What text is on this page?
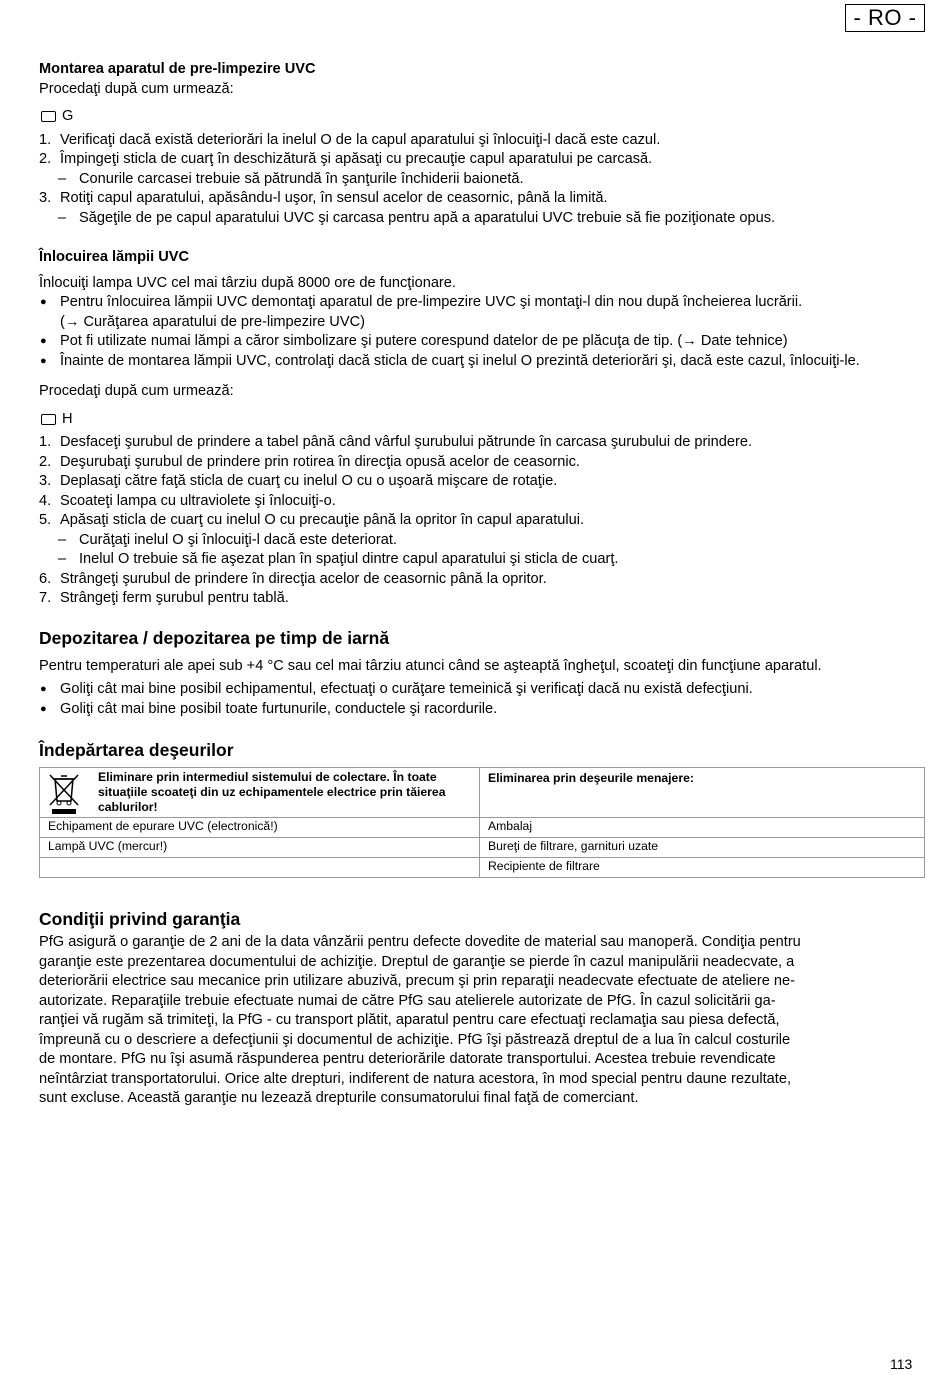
- RO -

Montarea aparatul de pre-limpezire UVC

Procedaţi după cum urmează:

G

1. Verificaţi dacă există deteriorări la inelul O de la capul aparatului şi înlocuiţi-l dacă este cazul.
2. Împingeţi sticla de cuarţ în deschizătură şi apăsaţi cu precauţie capul aparatului pe carcasă.
– Conurile carcasei trebuie să pătrundă în şanţurile închiderii baionetă.
3. Rotiţi capul aparatului, apăsându-l uşor, în sensul acelor de ceasornic, până la limită.
– Săgeţile de pe capul aparatului UVC şi carcasa pentru apă a aparatului UVC trebuie să fie poziţionate opus.

Înlocuirea lămpii UVC

Înlocuiţi lampa UVC cel mai târziu după 8000 ore de funcţionare.

● Pentru înlocuirea lămpii UVC demontaţi aparatul de pre-limpezire UVC şi montaţi-l din nou după încheierea lucrării.
(→ Curăţarea aparatului de pre-limpezire UVC)
● Pot fi utilizate numai lămpi a căror simbolizare şi putere corespund datelor de pe plăcuţa de tip. (→ Date tehnice)
● Înainte de montarea lămpii UVC, controlaţi dacă sticla de cuarţ şi inelul O prezintă deteriorări şi, dacă este cazul, înlocuiţi-le.

Procedaţi după cum urmează:

H

1. Desfaceţi şurubul de prindere a tabel până când vârful şurubului pătrunde în carcasa şurubului de prindere.
2. Deşurubaţi şurubul de prindere prin rotirea în direcţia opusă acelor de ceasornic.
3. Deplasaţi către faţă sticla de cuarţ cu inelul O cu o uşoară mişcare de rotaţie.
4. Scoateţi lampa cu ultraviolete şi înlocuiţi-o.
5. Apăsaţi sticla de cuarţ cu inelul O cu precauţie până la opritor în capul aparatului.
– Curăţaţi inelul O şi înlocuiţi-l dacă este deteriorat.
– Inelul O trebuie să fie aşezat plan în spaţiul dintre capul aparatului şi sticla de cuarţ.
6. Strângeţi şurubul de prindere în direcţia acelor de ceasornic până la opritor.
7. Strângeţi ferm şurubul pentru tablă.

Depozitarea / depozitarea pe timp de iarnă

Pentru temperaturi ale apei sub +4 °C sau cel mai târziu atunci când se aşteaptă îngheţul, scoateţi din funcţiune aparatul.

● Goliţi cât mai bine posibil echipamentul, efectuaţi o curăţare temeinică şi verificaţi dacă nu există defecţiuni.
● Goliţi cât mai bine posibil toate furtunurile, conductele şi racordurile.

Îndepărtarea deşeurilor

Eliminare prin intermediul sistemului de colectare. În toate situaţiile scoateţi din uz echipamentele electrice prin tăierea cablurilor!	Eliminarea prin deşeurile menajere:
Echipament de epurare UVC (electronică!)	Ambalaj
Lampă UVC (mercur!)	Bureţi de filtrare, garnituri uzate
	Recipiente de filtrare

Condiţii privind garanţia

PfG asigură o garanţie de 2 ani de la data vânzării pentru defecte dovedite de material sau manoperă. Condiţia pentru

garanţie este prezentarea documentului de achiziţie. Dreptul de garanţie se pierde în cazul manipulării neadecvate, a

deteriorării electrice sau mecanice prin utilizare abuzivă, precum şi prin reparaţii neadecvate efectuate de ateliere ne-

autorizate. Reparaţiile trebuie efectuate numai de către PfG sau atelierele autorizate de PfG. În cazul solicitării ga-

ranţiei vă rugăm să trimiteţi, la PfG - cu transport plătit, aparatul pentru care efectuaţi reclamaţia sau piesa defectă,

împreună cu o descriere a defecţiunii şi documentul de achiziţie. PfG îşi păstrează dreptul de a lua în calcul costurile

de montare. PfG nu îşi asumă răspunderea pentru deteriorările datorate transportului. Acestea trebuie revendicate

neîntârziat transportatorului. Orice alte drepturi, indiferent de natura acestora, în mod special pentru daune rezultate,

sunt excluse. Această garanţie nu lezează drepturile consumatorului final faţă de comerciant.

113
